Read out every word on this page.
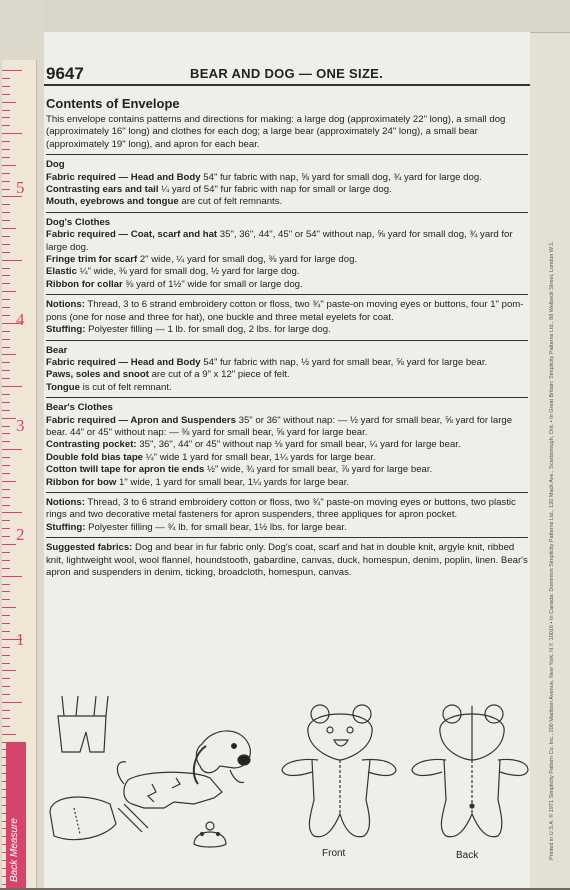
5
4
3
2
1
Back Measure
9647	BEAR AND DOG — ONE SIZE.

Contents of Envelope

This envelope contains patterns and directions for making: a large dog (approximately 22" long), a small dog (approximately 16" long) and clothes for each dog; a large bear (approximately 24" long), a small bear (approximately 19" long), and apron for each bear.

Dog

Fabric required — Head and Body 54" fur fabric with nap, ⅝ yard for small dog, ¾ yard for large dog.

Contrasting ears and tail ¼ yard of 54" fur fabric with nap for small or large dog.

Mouth, eyebrows and tongue are cut of felt remnants.

Dog's Clothes

Fabric required — Coat, scarf and hat 35", 36", 44", 45" or 54" without nap, ⅝ yard for small dog, ¾ yard for large dog.

Fringe trim for scarf 2" wide, ¼ yard for small dog, ⅜ yard for large dog.

Elastic ¼" wide, ⅜ yard for small dog, ½ yard for large dog.

Ribbon for collar ⅜ yard of 1½" wide for small or large dog.

Notions: Thread, 3 to 6 strand embroidery cotton or floss, two ¾" paste-on moving eyes or buttons, four 1" pom-pons (one for nose and three for hat), one buckle and three metal eyelets for coat.

Stuffing: Polyester filling — 1 lb. for small dog, 2 lbs. for large dog.

Bear

Fabric required — Head and Body 54" fur fabric with nap, ½ yard for small bear, ⅝ yard for large bear.

Paws, soles and snoot are cut of a 9" x 12" piece of felt.

Tongue is cut of felt remnant.

Bear's Clothes

Fabric required — Apron and Suspenders 35" or 36" without nap: — ½ yard for small bear, ⅝ yard for large bear. 44" or 45" without nap: — ⅜ yard for small bear, ⅝ yard for large bear.

Contrasting pocket: 35", 36", 44" or 45" without nap ⅛ yard for small bear, ¼ yard for large bear.

Double fold bias tape ¼" wide 1 yard for small bear, 1¼ yards for large bear.

Cotton twill tape for apron tie ends ½" wide, ¾ yard for small bear, ⅞ yard for large bear.

Ribbon for bow 1" wide, 1 yard for small bear, 1¼ yards for large bear.

Notions: Thread, 3 to 6 strand embroidery cotton or floss, two ¾" paste-on moving eyes or buttons, two plastic rings and two decorative metal fasteners for apron suspenders, three appliques for apron pocket.

Stuffing: Polyester filling — ¾ lb. for small bear, 1½ lbs. for large bear.

Suggested fabrics: Dog and bear in fur fabric only. Dog's coat, scarf and hat in double knit, argyle knit, ribbed knit, lightweight wool, wool flannel, houndstooth, gabardine, canvas, duck, homespun, denim, poplin, linen. Bear's apron and suspenders in denim, ticking, broadcloth, homespun, canvas.

Front	Back	Printed in U.S.A. © 1971 Simplicity Pattern Co. Inc., 200 Madison Avenue, New York, N.Y. 10016 • In Canada: Dominion Simplicity Patterns Ltd., 120 Mack Ave., Scarborough, Ont. • In Great Britain: Simplicity Patterns Ltd., 88 Welbeck Street, London W.1.
